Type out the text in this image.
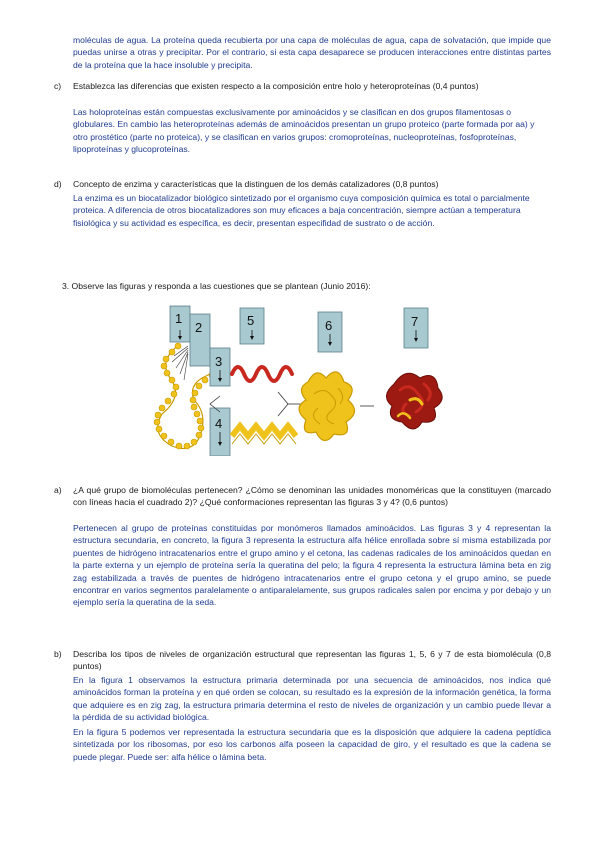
moléculas de agua. La proteína queda recubierta por una capa de moléculas de agua, capa de solvatación, que impide que puedas unirse a otras y precipitar. Por el contrario, si esta capa desaparece se producen interacciones entre distintas partes de la proteína que la hace insoluble y precipita.

c) Establezca las diferencias que existen respecto a la composición entre holo y heteroproteínas (0,4 puntos)

Las holoproteínas están compuestas exclusivamente por aminoácidos y se clasifican en dos grupos filamentosas o globulares. En cambio las heteroproteínas además de aminoácidos presentan un grupo proteico (parte formada por aa) y otro prostético (parte no proteica), y se clasifican en varios grupos: cromoproteínas, nucleoproteínas, fosfoproteínas, lipoproteínas y glucoproteínas.

d) Concepto de enzima y características que la distinguen de los demás catalizadores (0,8 puntos)

La enzima es un biocatalizador biológico sintetizado por el organismo cuya composición química es total o parcialmente proteica. A diferencia de otros biocatalizadores son muy eficaces a baja concentración, siempre actúan a temperatura fisiológica y su actividad es específica, es decir, presentan especifidad de sustrato o de acción.

3. Observe las figuras y responda a las cuestiones que se plantean (Junio 2016):

1
2
3
4
5	6	7
a) ¿A qué grupo de biomoléculas pertenecen? ¿Cómo se denominan las unidades monoméricas que la constituyen (marcado con líneas hacia el cuadrado 2)? ¿Qué conformaciones representan las figuras 3 y 4? (0,6 puntos)

Pertenecen al grupo de proteínas constituidas por monómeros llamados aminoácidos. Las figuras 3 y 4 representan la estructura secundaria, en concreto, la figura 3 representa la estructura alfa hélice enrollada sobre sí misma estabilizada por puentes de hidrógeno intracatenarios entre el grupo amino y el cetona, las cadenas radicales de los aminoácidos quedan en la parte externa y un ejemplo de proteína sería la queratina del pelo; la figura 4 representa la estructura lámina beta en zig zag estabilizada a través de puentes de hidrógeno intracatenarios entre el grupo cetona y el grupo amino, se puede encontrar en varios segmentos paralelamente o antiparalelamente, sus grupos radicales salen por encima y por debajo y un ejemplo sería la queratina de la seda.

b) Describa los tipos de niveles de organización estructural que representan las figuras 1, 5, 6 y 7 de esta biomolécula (0,8 puntos)

En la figura 1 observamos la estructura primaria determinada por una secuencia de aminoácidos, nos indica qué aminoácidos forman la proteína y en qué orden se colocan, su resultado es la expresión de la información genética, la forma que adquiere es en zig zag, la estructura primaria determina el resto de niveles de organización y un cambio puede llevar a la pérdida de su actividad biológica.

En la figura 5 podemos ver representada la estructura secundaria que es la disposición que adquiere la cadena peptídica sintetizada por los ribosomas, por eso los carbonos alfa poseen la capacidad de giro, y el resultado es que la cadena se puede plegar. Puede ser: alfa hélice o lámina beta.
